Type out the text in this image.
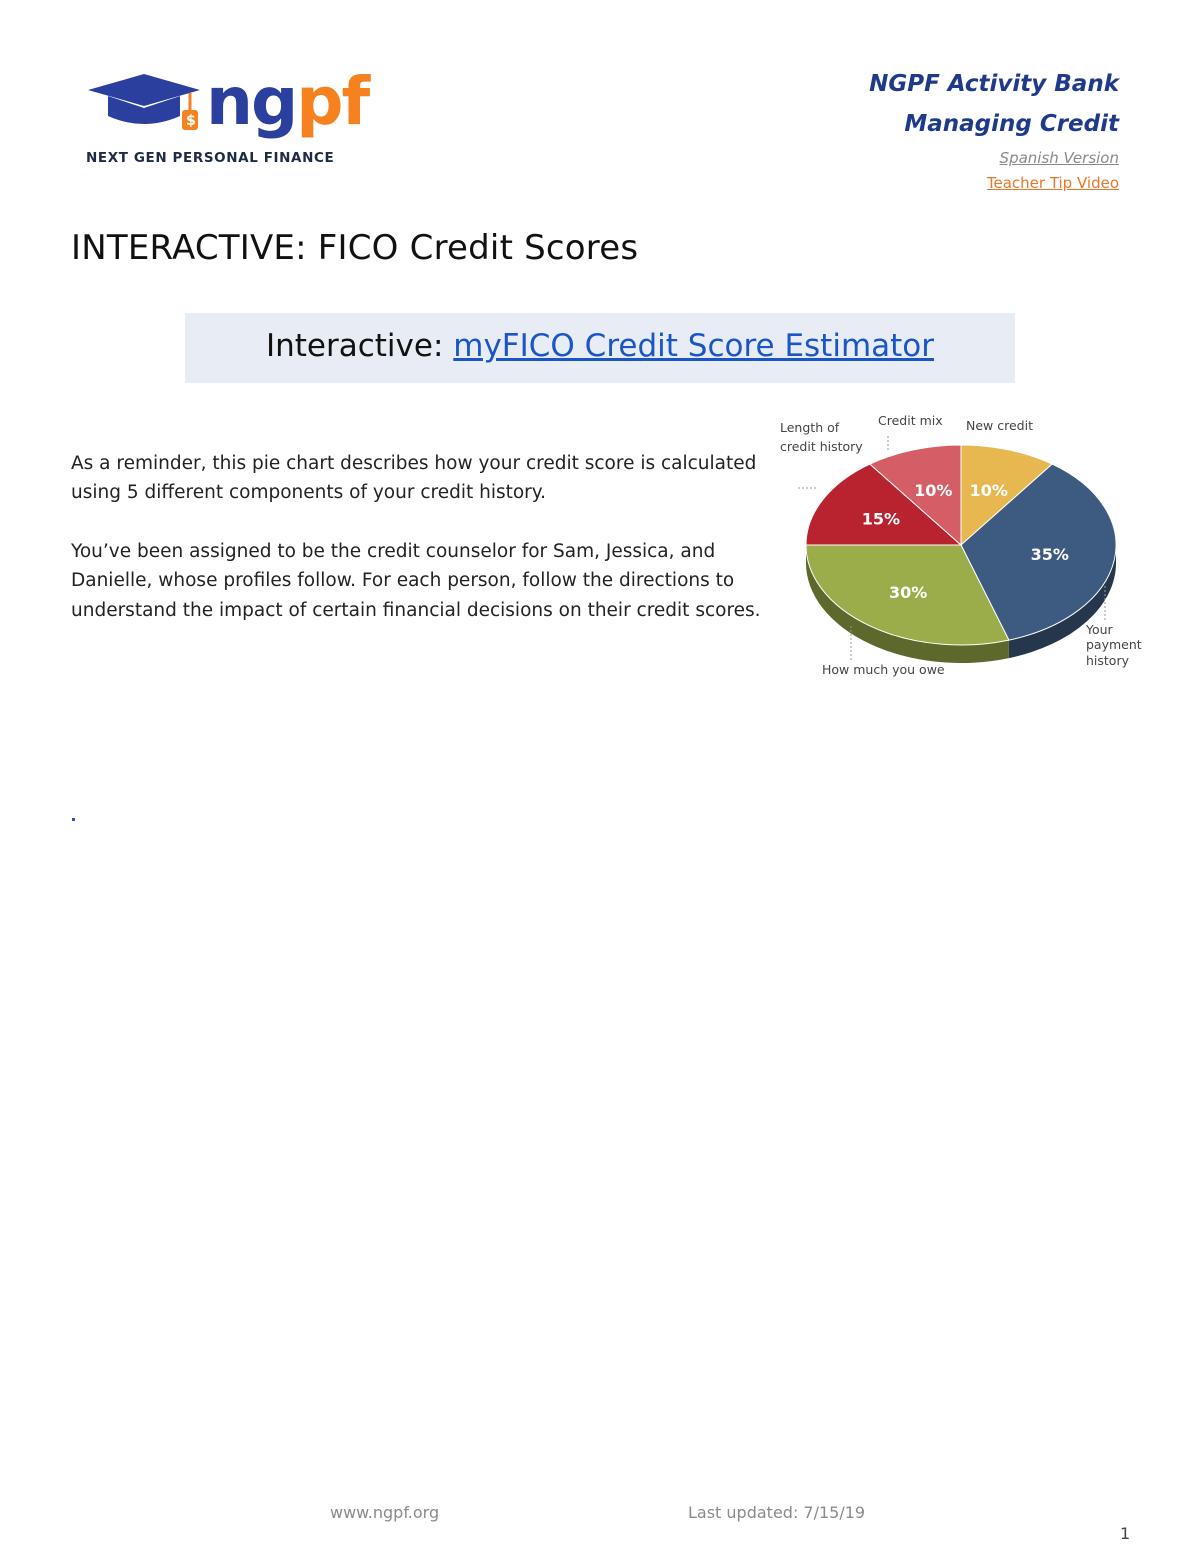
$ ngpf
NEXT GEN PERSONAL FINANCE
NGPF Activity Bank
Managing Credit
Spanish Version
Teacher Tip Video
INTERACTIVE: FICO Credit Scores
Interactive: myFICO Credit Score Estimator

As a reminder, this pie chart describes how your credit score is calculated using 5 different components of your credit history.

You’ve been assigned to be the credit counselor for Sam, Jessica, and Danielle, whose profiles follow. For each person, follow the directions to understand the impact of certain financial decisions on their credit scores.

10%
35%
30%
15%
10%
Length of
credit history
Credit mix New credit
How much you owe
Your
payment
history
www.ngpf.org	Last updated: 7/15/19
1
